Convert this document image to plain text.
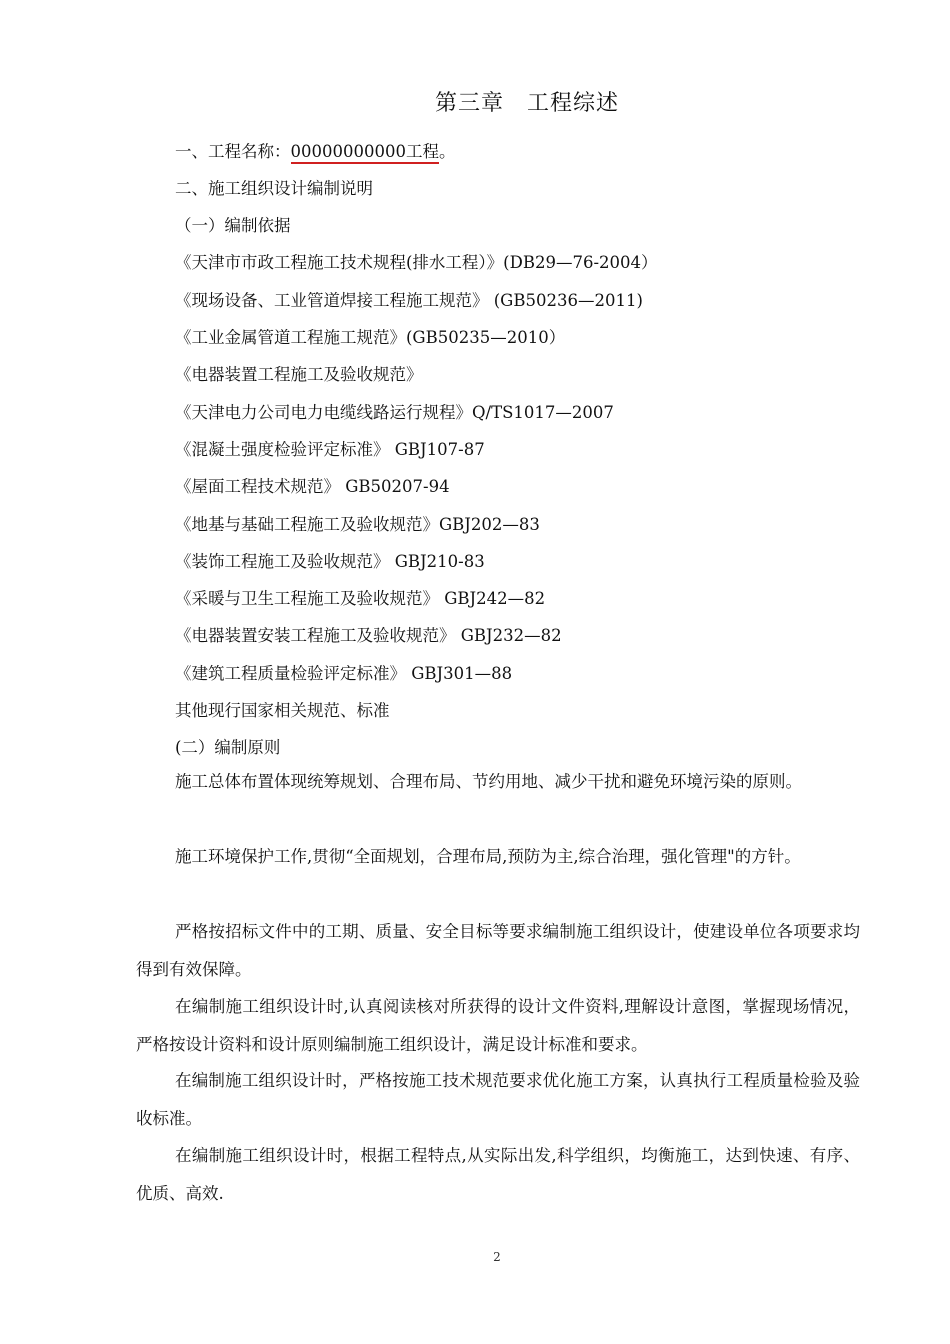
第三章　工程综述
一、工程名称：00000000000工程。
二、施工组织设计编制说明
（一）编制依据
《天津市市政工程施工技术规程(排水工程）》(DB29—76-2004）
《现场设备、工业管道焊接工程施工规范》 (GB50236—2011)
《工业金属管道工程施工规范》(GB50235—2010）
《电器装置工程施工及验收规范》
《天津电力公司电力电缆线路运行规程》Q/TS1017—2007
《混凝土强度检验评定标准》 GBJ107-87
《屋面工程技术规范》 GB50207-94
《地基与基础工程施工及验收规范》GBJ202—83
《装饰工程施工及验收规范》 GBJ210-83
《采暖与卫生工程施工及验收规范》 GBJ242—82
《电器装置安装工程施工及验收规范》 GBJ232—82
《建筑工程质量检验评定标准》 GBJ301—88
其他现行国家相关规范、标准
(二）编制原则
施工总体布置体现统筹规划、合理布局、节约用地、减少干扰和避免环境污染的原则。
施工环境保护工作,贯彻“全面规划，合理布局,预防为主,综合治理，强化管理"的方针。
严格按招标文件中的工期、质量、安全目标等要求编制施工组织设计，使建设单位各项要求均得到有效保障。
在编制施工组织设计时,认真阅读核对所获得的设计文件资料,理解设计意图，掌握现场情况，严格按设计资料和设计原则编制施工组织设计，满足设计标准和要求。
在编制施工组织设计时，严格按施工技术规范要求优化施工方案，认真执行工程质量检验及验收标准。
在编制施工组织设计时，根据工程特点,从实际出发,科学组织，均衡施工，达到快速、有序、优质、高效.
2
